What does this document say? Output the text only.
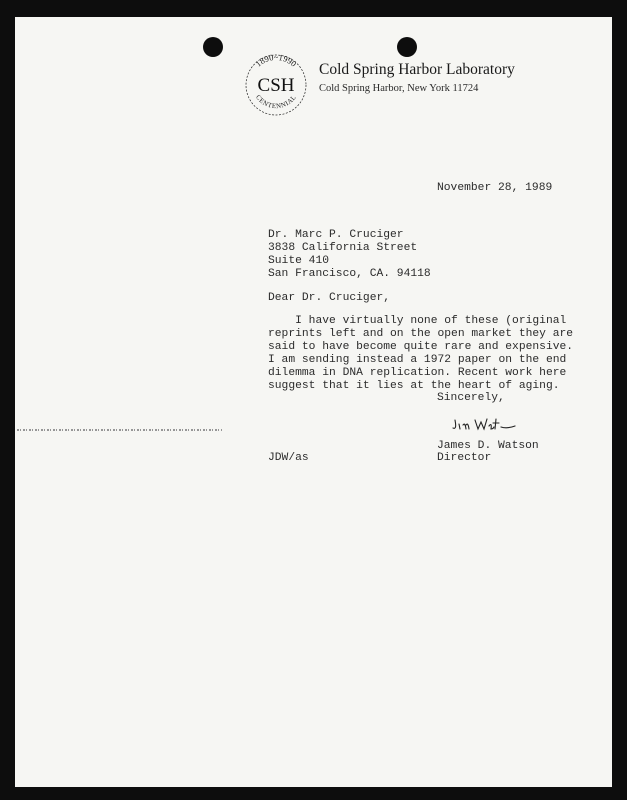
1890~1990
CSH
CENTENNIAL
Cold Spring Harbor Laboratory
Cold Spring Harbor, New York 11724
November 28, 1989
Dr. Marc P. Cruciger
3838 California Street
Suite 410
San Francisco, CA. 94118
Dear Dr. Cruciger,
I have virtually none of these (original
reprints left and on the open market they are
said to have become quite rare and expensive.
I am sending instead a 1972 paper on the end
dilemma in DNA replication. Recent work here
suggest that it lies at the heart of aging.
Sincerely,
James D. Watson
Director
JDW/as
